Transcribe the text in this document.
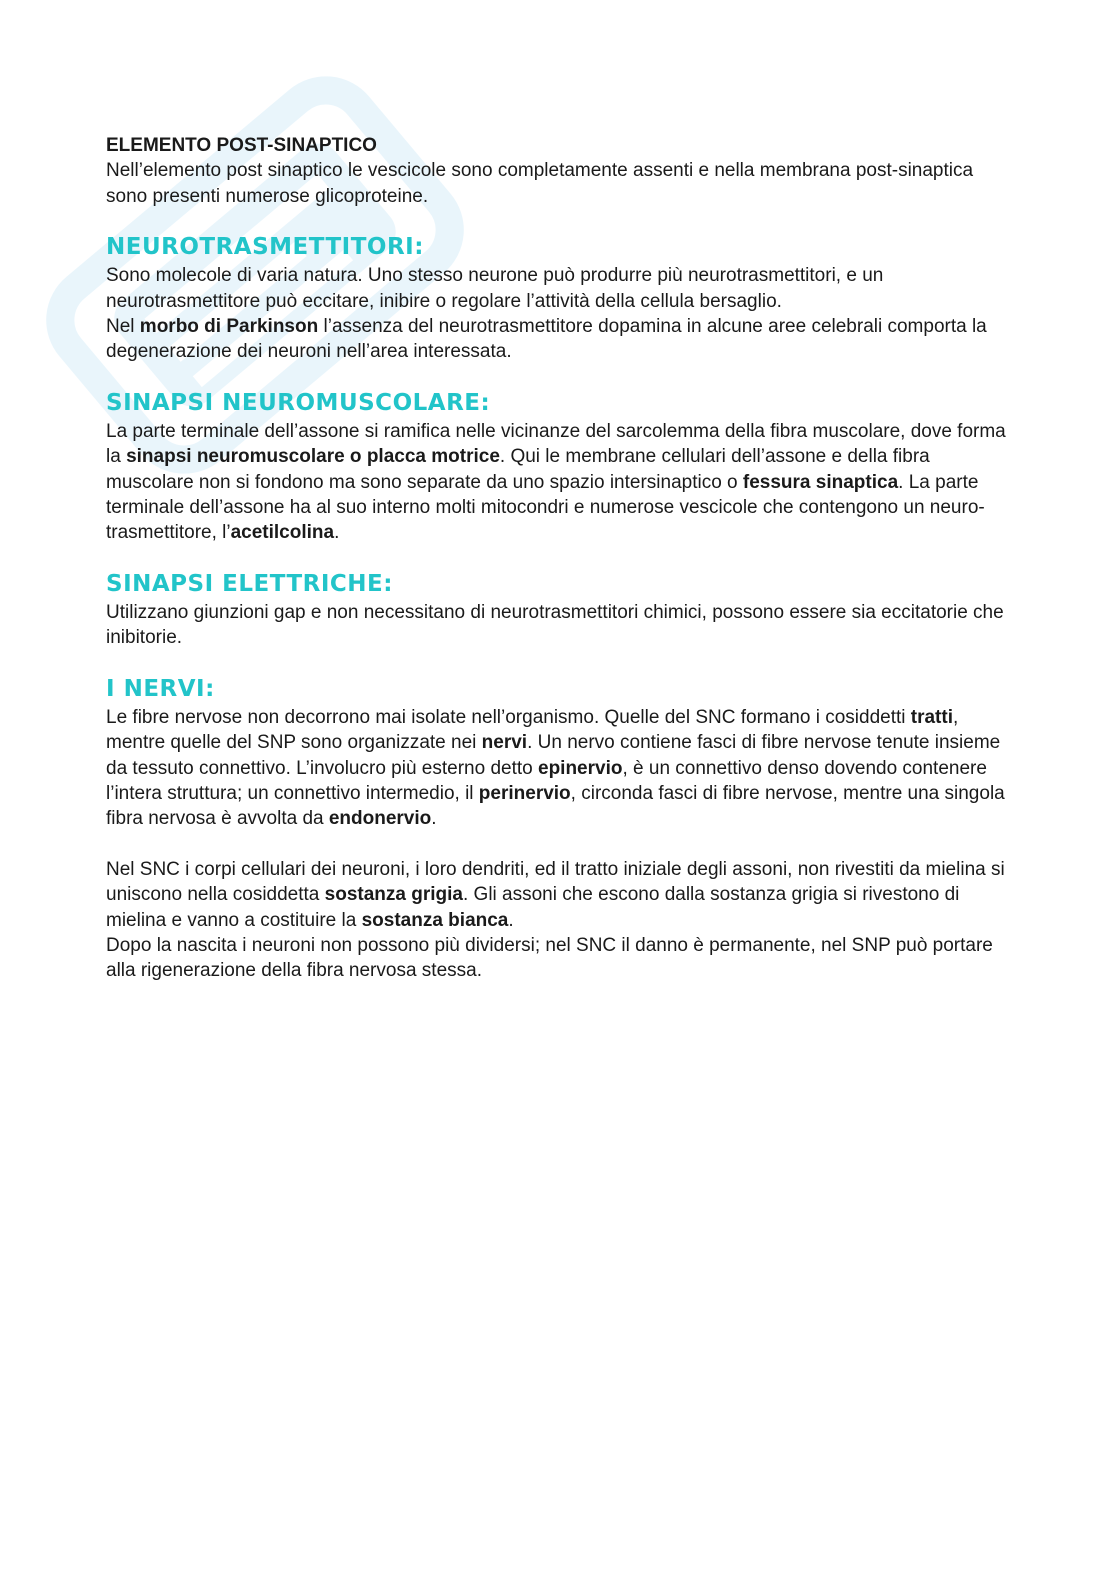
ELEMENTO POST-SINAPTICO

Nell’elemento post sinaptico le vescicole sono completamente assenti e nella membrana post-sinaptica sono presenti numerose glicoproteine.

NEUROTRASMETTITORI:

Sono molecole di varia natura. Uno stesso neurone può produrre più neurotrasmettitori, e un neurotrasmettitore può eccitare, inibire o regolare l’attività della cellula bersaglio.

Nel morbo di Parkinson l’assenza del neurotrasmettitore dopamina in alcune aree celebrali comporta la degenerazione dei neuroni nell’area interessata.

SINAPSI NEUROMUSCOLARE:

La parte terminale dell’assone si ramifica nelle vicinanze del sarcolemma della fibra muscolare, dove forma la sinapsi neuromuscolare o placca motrice. Qui le membrane cellulari dell’assone e della fibra muscolare non si fondono ma sono separate da uno spazio intersinaptico o fessura sinaptica. La parte terminale dell’assone ha al suo interno molti mitocondri e numerose vescicole che contengono un neuro-trasmettitore, l’acetilcolina.

SINAPSI ELETTRICHE:

Utilizzano giunzioni gap e non necessitano di neurotrasmettitori chimici, possono essere sia eccitatorie che inibitorie.

I NERVI:

Le fibre nervose non decorrono mai isolate nell’organismo. Quelle del SNC formano i cosiddetti tratti, mentre quelle del SNP sono organizzate nei nervi. Un nervo contiene fasci di fibre nervose tenute insieme da tessuto connettivo. L’involucro più esterno detto epinervio, è un connettivo denso dovendo contenere l’intera struttura; un connettivo intermedio, il perinervio, circonda fasci di fibre nervose, mentre una singola fibra nervosa è avvolta da endonervio.

Nel SNC i corpi cellulari dei neuroni, i loro dendriti, ed il tratto iniziale degli assoni, non rivestiti da mielina si uniscono nella cosiddetta sostanza grigia. Gli assoni che escono dalla sostanza grigia si rivestono di mielina e vanno a costituire la sostanza bianca.

Dopo la nascita i neuroni non possono più dividersi; nel SNC il danno è permanente, nel SNP può portare alla rigenerazione della fibra nervosa stessa.
